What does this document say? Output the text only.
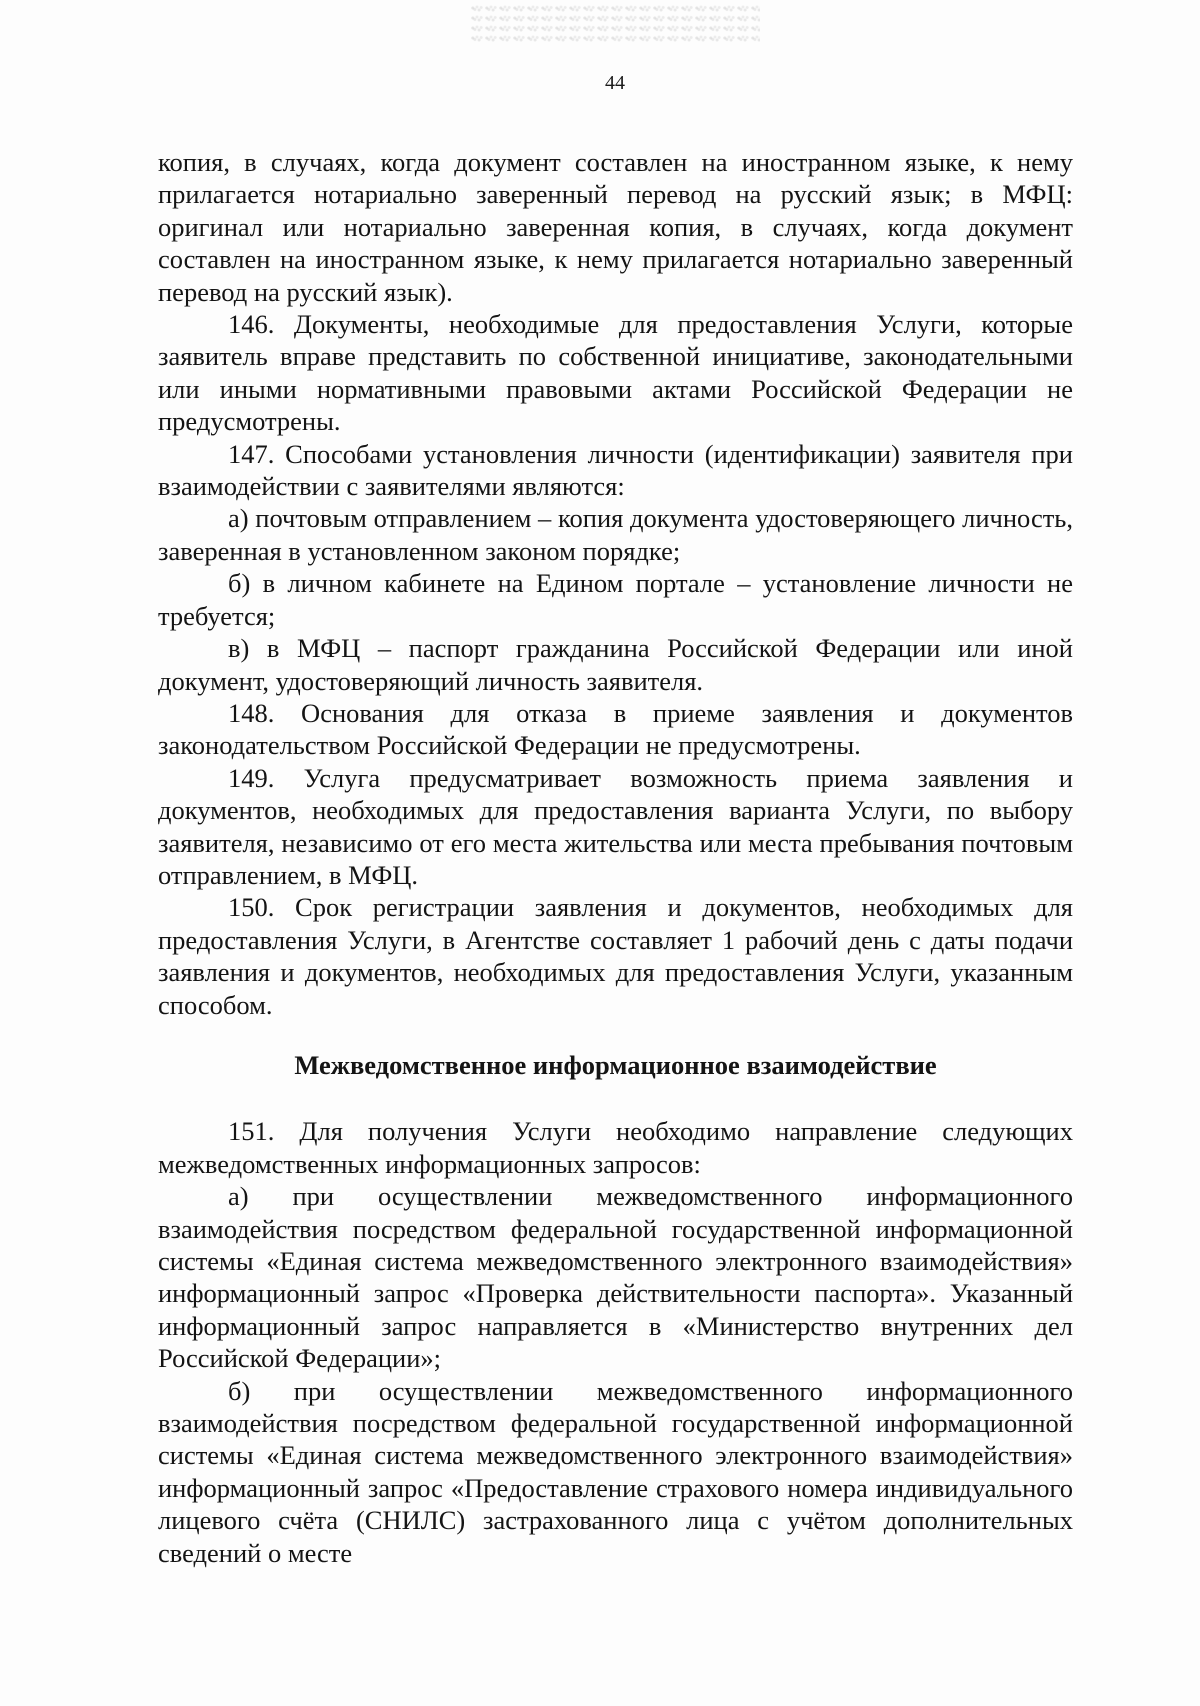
44

копия, в случаях, когда документ составлен на иностранном языке, к нему прилагается нотариально заверенный перевод на русский язык; в МФЦ: оригинал или нотариально заверенная копия, в случаях, когда документ составлен на иностранном языке, к нему прилагается нотариально заверенный перевод на русский язык).

146. Документы, необходимые для предоставления Услуги, которые заявитель вправе представить по собственной инициативе, законодательными или иными нормативными правовыми актами Российской Федерации не предусмотрены.

147. Способами установления личности (идентификации) заявителя при взаимодействии с заявителями являются:

а) почтовым отправлением – копия документа удостоверяющего личность, заверенная в установленном законом порядке;

б) в личном кабинете на Едином портале – установление личности не требуется;

в) в МФЦ – паспорт гражданина Российской Федерации или иной документ, удостоверяющий личность заявителя.

148. Основания для отказа в приеме заявления и документов законодательством Российской Федерации не предусмотрены.

149. Услуга предусматривает возможность приема заявления и документов, необходимых для предоставления варианта Услуги, по выбору заявителя, независимо от его места жительства или места пребывания почтовым отправлением, в МФЦ.

150. Срок регистрации заявления и документов, необходимых для предоставления Услуги, в Агентстве составляет 1 рабочий день с даты подачи заявления и документов, необходимых для предоставления Услуги, указанным способом.

Межведомственное информационное взаимодействие

151. Для получения Услуги необходимо направление следующих межведомственных информационных запросов:

а) при осуществлении межведомственного информационного взаимодействия посредством федеральной государственной информационной системы «Единая система межведомственного электронного взаимодействия» информационный запрос «Проверка действительности паспорта». Указанный информационный запрос направляется в «Министерство внутренних дел Российской Федерации»;

б) при осуществлении межведомственного информационного взаимодействия посредством федеральной государственной информационной системы «Единая система межведомственного электронного взаимодействия» информационный запрос «Предоставление страхового номера индивидуального лицевого счёта (СНИЛС) застрахованного лица с учётом дополнительных сведений о месте
